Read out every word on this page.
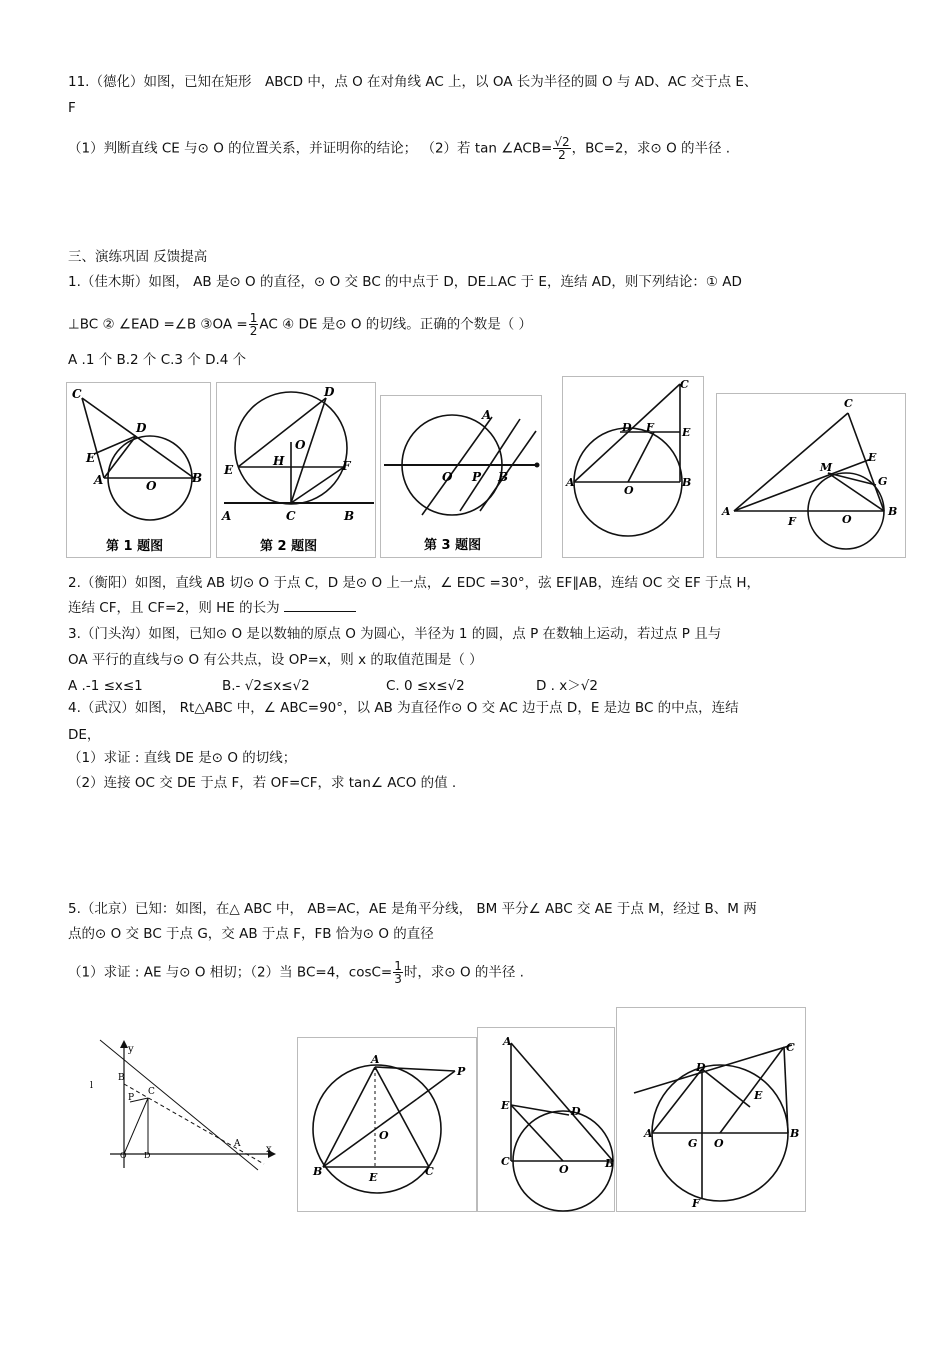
11.（德化）如图，已知在矩形　ABCD 中，点 O 在对角线 AC 上，以 OA 长为半径的圆 O 与 AD、AC 交于点 E、
F
（1）判断直线 CE 与⊙ O 的位置关系，并证明你的结论； （2）若 tan ∠ACB= $\frac{√2}{2}$ ，BC=2，求⊙ O 的半径 .
三、演练巩固 反馈提高
1.（佳木斯）如图， AB 是⊙ O 的直径，⊙ O 交 BC 的中点于 D，DE⊥AC 于 E，连结 AD，则下列结论：① AD
⊥BC ② ∠EAD =∠B ③OA = $\frac{1}{2}$ AC ④ DE 是⊙ O 的切线。正确的个数是（ ）
A .1 个 B.2 个 C.3 个 D.4 个
C
D
E
A	O
B
第 1 题图
D
O
H
E	F
A	C	B
第 2 题图
A
O P B
第 3 题图
C
D F	E
A
O
B
C
M
E
G
A
F	O
B
2.（衡阳）如图，直线 AB 切⊙ O 于点 C，D 是⊙ O 上一点，∠ EDC =30°，弦 EF∥AB，连结 OC 交 EF 于点 H，
连结 CF，且 CF=2，则 HE 的长为
3.（门头沟）如图，已知⊙ O 是以数轴的原点 O 为圆心，半径为 1 的圆，点 P 在数轴上运动，若过点 P 且与
OA 平行的直线与⊙ O 有公共点，设 OP=x，则 x 的取值范围是（ ）
A .-1 ≤x≤1	B.- √2≤x≤√2	C. 0 ≤x≤√2	D . x＞√2
4.（武汉）如图， Rt△ABC 中，∠ ABC=90°，以 AB 为直径作⊙ O 交 AC 边于点 D，E 是边 BC 的中点，连结
DE，
（1）求证 : 直线 DE 是⊙ O 的切线；
（2）连接 OC 交 DE 于点 F，若 OF=CF，求 tan∠ ACO 的值 .
5.（北京）已知：如图，在△ ABC 中， AB=AC，AE 是角平分线， BM 平分∠ ABC 交 AE 于点 M，经过 B、M 两
点的⊙ O 交 BC 于点 G，交 AB 于点 F，FB 恰为⊙ O 的直径
（1）求证 : AE 与⊙ O 相切；（2）当 BC=4，$\cos C= \frac{1}{3}$ 时，求⊙ O 的半径 .
y
B
C
P
O D
A	x
l
A
P
O
B	C
E
A
E	D
C
O	B
C
D
E
A
G O
B
F
